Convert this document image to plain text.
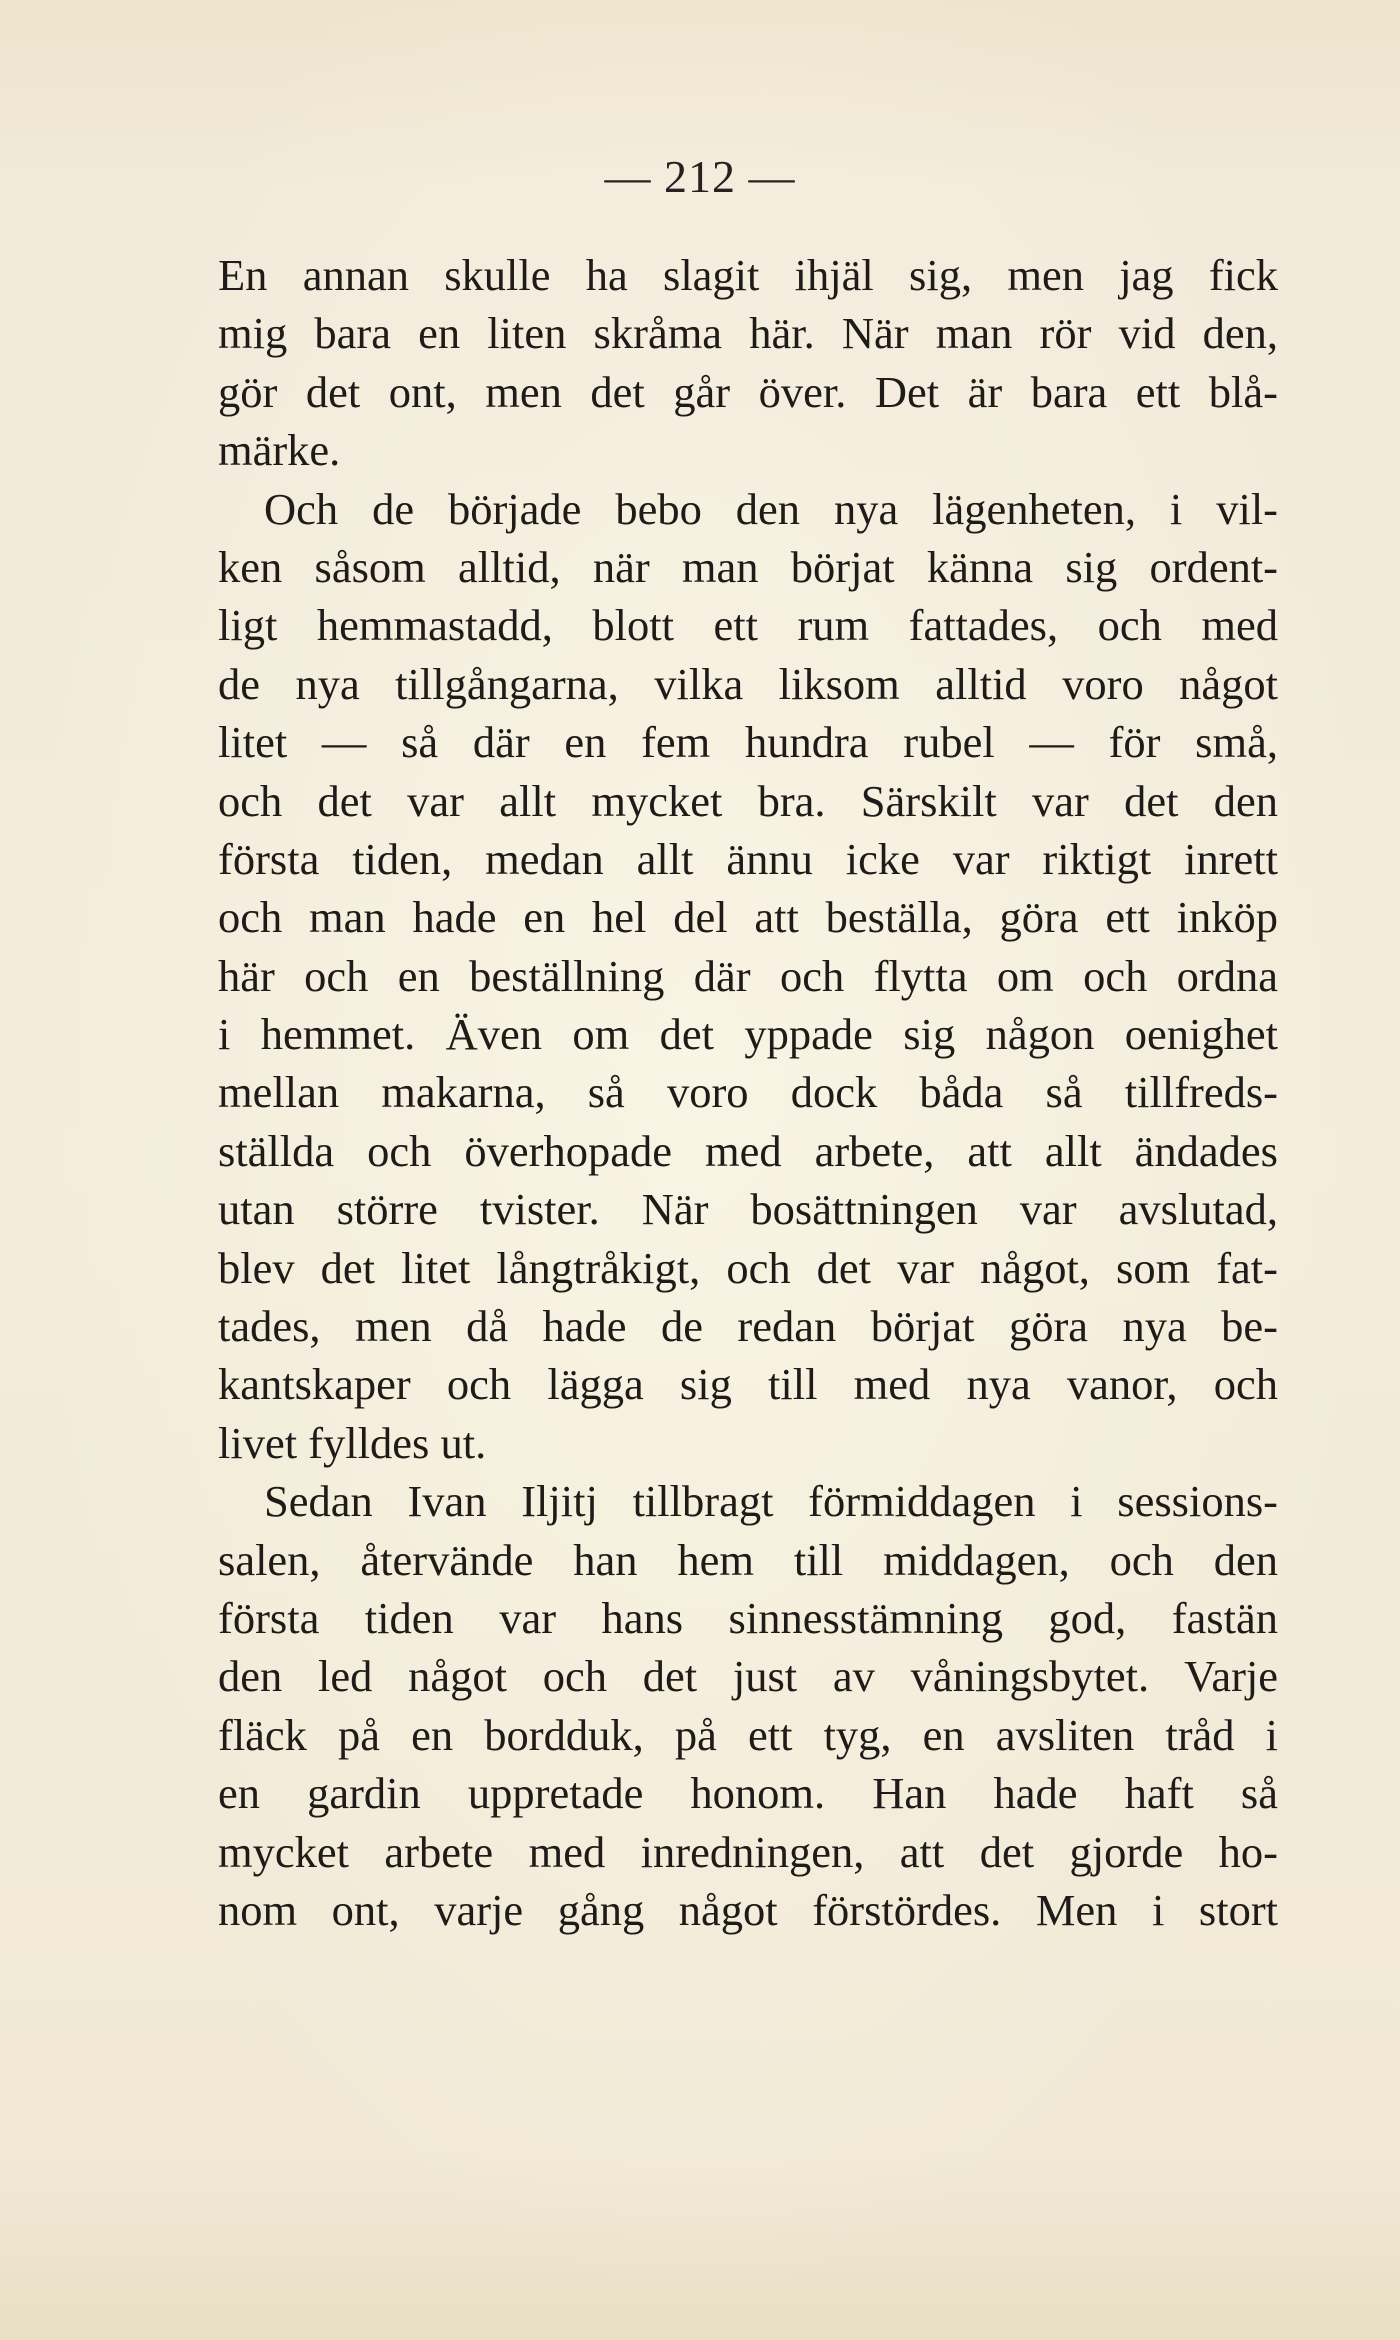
— 212 —
En annan skulle ha slagit ihjäl sig, men jag fick
mig bara en liten skråma här. När man rör vid den,
gör det ont, men det går över. Det är bara ett blå-
märke.
Och de började bebo den nya lägenheten, i vil-
ken såsom alltid, när man börjat känna sig ordent-
ligt hemmastadd, blott ett rum fattades, och med
de nya tillgångarna, vilka liksom alltid voro något
litet — så där en fem hundra rubel — för små,
och det var allt mycket bra. Särskilt var det den
första tiden, medan allt ännu icke var riktigt inrett
och man hade en hel del att beställa, göra ett inköp
här och en beställning där och flytta om och ordna
i hemmet. Även om det yppade sig någon oenighet
mellan makarna, så voro dock båda så tillfreds-
ställda och överhopade med arbete, att allt ändades
utan större tvister. När bosättningen var avslutad,
blev det litet långtråkigt, och det var något, som fat-
tades, men då hade de redan börjat göra nya be-
kantskaper och lägga sig till med nya vanor, och
livet fylldes ut.
Sedan Ivan Iljitj tillbragt förmiddagen i sessions-
salen, återvände han hem till middagen, och den
första tiden var hans sinnesstämning god, fastän
den led något och det just av våningsbytet. Varje
fläck på en bordduk, på ett tyg, en avsliten tråd i
en gardin uppretade honom. Han hade haft så
mycket arbete med inredningen, att det gjorde ho-
nom ont, varje gång något förstördes. Men i stort
